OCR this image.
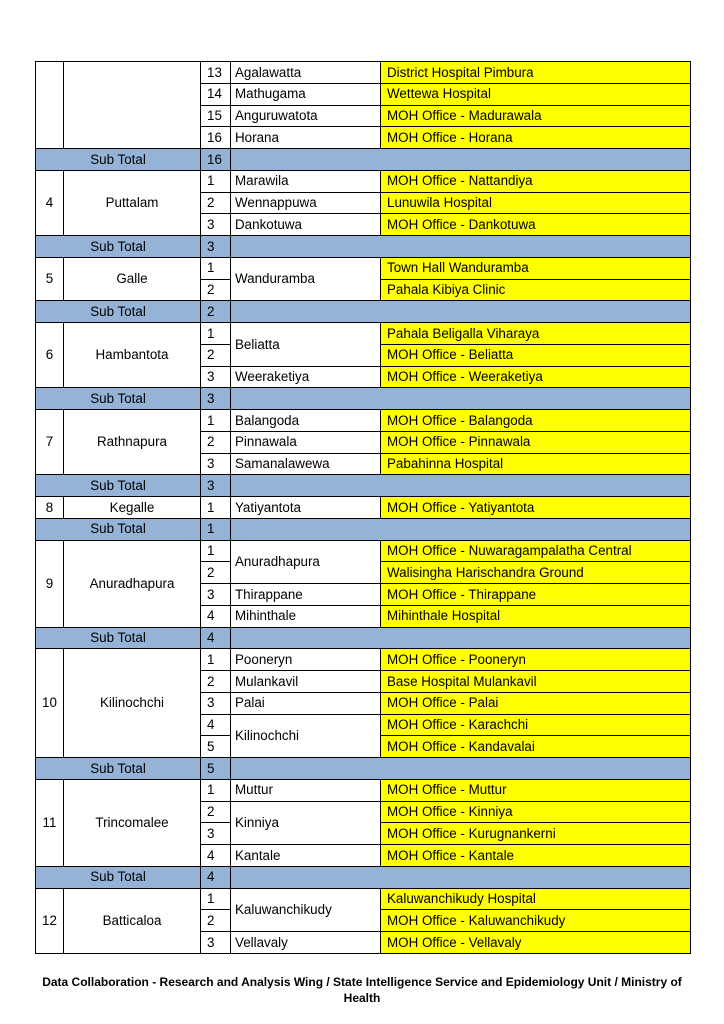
		13	Agalawatta	District Hospital Pimbura
		14	Mathugama	Wettewa Hospital
		15	Anguruwatota	MOH Office - Madurawala
		16	Horana	MOH Office - Horana
Sub Total		16		
4	Puttalam	1	Marawila	MOH Office - Nattandiya
		2	Wennappuwa	Lunuwila Hospital
		3	Dankotuwa	MOH Office - Dankotuwa
Sub Total		3		
5	Galle	1	Wanduramba	Town Hall Wanduramba
		2		Pahala Kibiya Clinic
Sub Total		2		
6	Hambantota	1	Beliatta	Pahala Beligalla Viharaya
		2		MOH Office - Beliatta
		3	Weeraketiya	MOH Office - Weeraketiya
Sub Total		3		
7	Rathnapura	1	Balangoda	MOH Office - Balangoda
		2	Pinnawala	MOH Office - Pinnawala
		3	Samanalawewa	Pabahinna Hospital
Sub Total		3		
8	Kegalle	1	Yatiyantota	MOH Office - Yatiyantota
Sub Total		1		
9	Anuradhapura	1	Anuradhapura	MOH Office - Nuwaragampalatha Central
		2		Walisingha Harischandra Ground
		3	Thirappane	MOH Office - Thirappane
		4	Mihinthale	Mihinthale Hospital
Sub Total		4		
10	Kilinochchi	1	Pooneryn	MOH Office - Pooneryn
		2	Mulankavil	Base Hospital Mulankavil
		3	Palai	MOH Office - Palai
		4	Kilinochchi	MOH Office - Karachchi
		5		MOH Office - Kandavalai
Sub Total		5		
11	Trincomalee	1	Muttur	MOH Office - Muttur
		2	Kinniya	MOH Office - Kinniya
		3		MOH Office - Kurugnankerni
		4	Kantale	MOH Office - Kantale
Sub Total		4		
12	Batticaloa	1	Kaluwanchikudy	Kaluwanchikudy Hospital
		2		MOH Office - Kaluwanchikudy
		3	Vellavaly	MOH Office - Vellavaly
Data Collaboration - Research and Analysis Wing / State Intelligence Service and Epidemiology Unit / Ministry of Health
